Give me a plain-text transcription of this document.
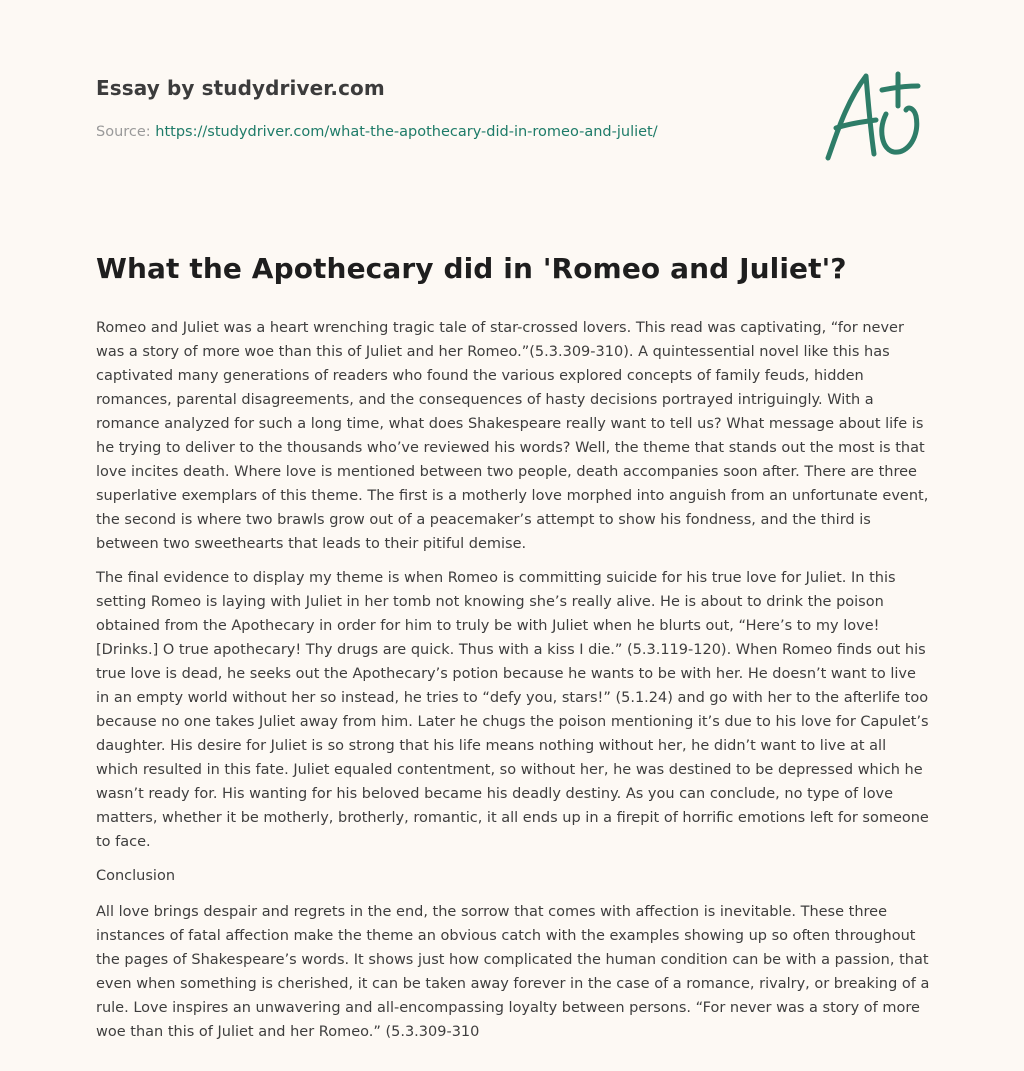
Essay by studydriver.com
Source: https://studydriver.com/what-the-apothecary-did-in-romeo-and-juliet/
What the Apothecary did in 'Romeo and Juliet'?

Romeo and Juliet was a heart wrenching tragic tale of star-crossed lovers. This read was captivating, “for never was a story of more woe than this of Juliet and her Romeo.”(5.3.309-310). A quintessential novel like this has captivated many generations of readers who found the various explored concepts of family feuds, hidden romances, parental disagreements, and the consequences of hasty decisions portrayed intriguingly. With a romance analyzed for such a long time, what does Shakespeare really want to tell us? What message about life is he trying to deliver to the thousands who’ve reviewed his words? Well, the theme that stands out the most is that love incites death. Where love is mentioned between two people, death accompanies soon after. There are three superlative exemplars of this theme. The first is a motherly love morphed into anguish from an unfortunate event, the second is where two brawls grow out of a peacemaker’s attempt to show his fondness, and the third is between two sweethearts that leads to their pitiful demise.

The final evidence to display my theme is when Romeo is committing suicide for his true love for Juliet. In this setting Romeo is laying with Juliet in her tomb not knowing she’s really alive. He is about to drink the poison obtained from the Apothecary in order for him to truly be with Juliet when he blurts out, “Here’s to my love! [Drinks.] O true apothecary! Thy drugs are quick. Thus with a kiss I die.” (5.3.119-120). When Romeo finds out his true love is dead, he seeks out the Apothecary’s potion because he wants to be with her. He doesn’t want to live in an empty world without her so instead, he tries to “defy you, stars!” (5.1.24) and go with her to the afterlife too because no one takes Juliet away from him. Later he chugs the poison mentioning it’s due to his love for Capulet’s daughter. His desire for Juliet is so strong that his life means nothing without her, he didn’t want to live at all which resulted in this fate. Juliet equaled contentment, so without her, he was destined to be depressed which he wasn’t ready for. His wanting for his beloved became his deadly destiny. As you can conclude, no type of love matters, whether it be motherly, brotherly, romantic, it all ends up in a firepit of horrific emotions left for someone to face.

Conclusion

All love brings despair and regrets in the end, the sorrow that comes with affection is inevitable. These three instances of fatal affection make the theme an obvious catch with the examples showing up so often throughout the pages of Shakespeare’s words. It shows just how complicated the human condition can be with a passion, that even when something is cherished, it can be taken away forever in the case of a romance, rivalry, or breaking of a rule. Love inspires an unwavering and all-encompassing loyalty between persons. “For never was a story of more woe than this of Juliet and her Romeo.” (5.3.309-310
